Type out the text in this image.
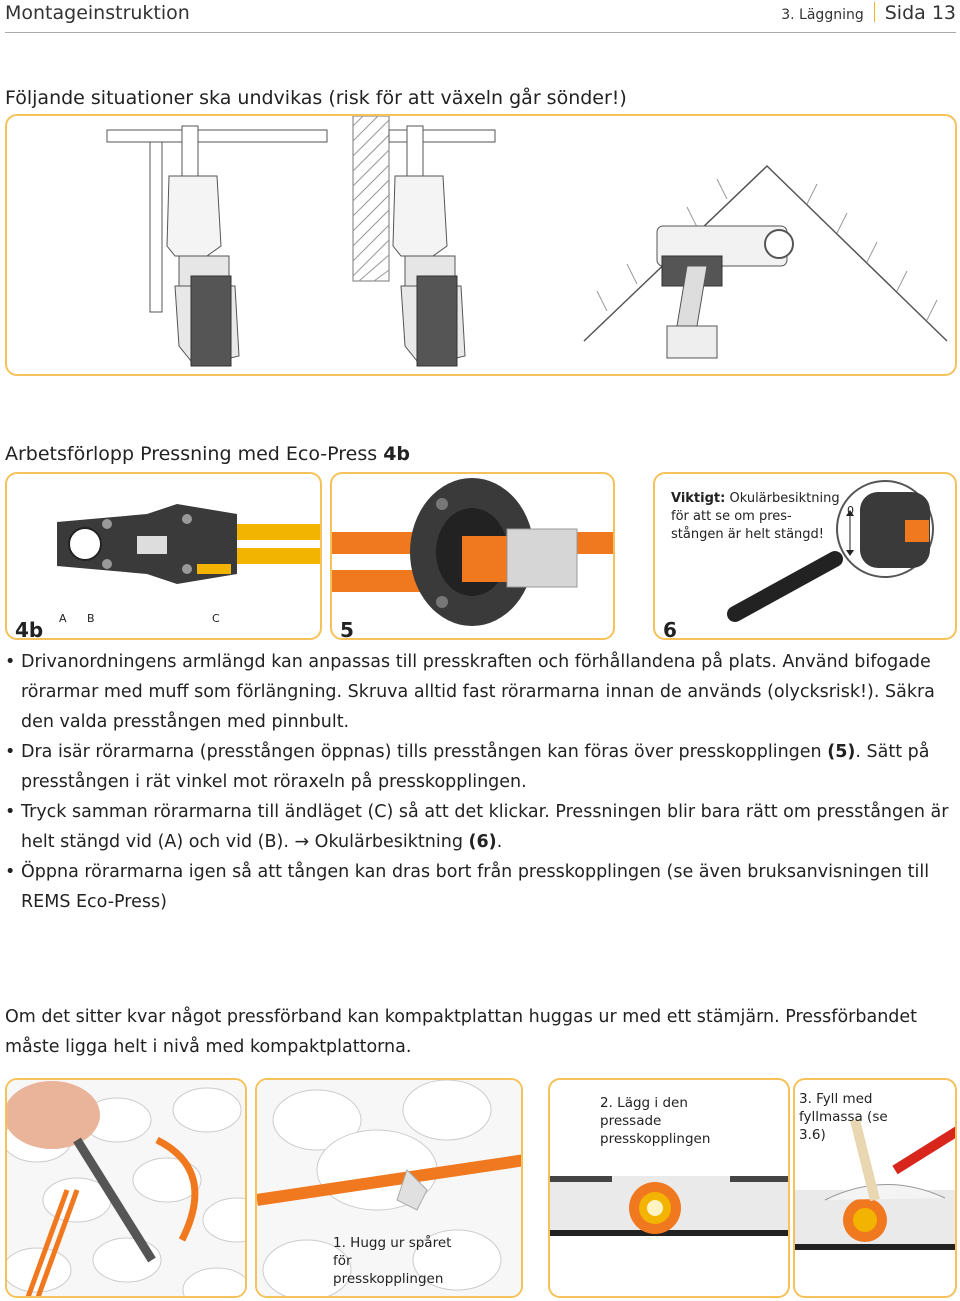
Montageinstruktion	3. Läggning Sida 13
Följande situationer ska undvikas (risk för att växeln går sönder!)
Arbetsförlopp Pressning med Eco-Press 4b
4b A B	C	5
Viktigt: Okulärbesiktning för att se om pres-stången är helt stängd!
0
6
• Drivanordningens armlängd kan anpassas till presskraften och förhållandena på plats. Använd bifogade rörarmar med muff som förlängning. Skruva alltid fast rörarmarna innan de används (olycksrisk!). Säkra den valda presstången med pinnbult.
• Dra isär rörarmarna (presstången öppnas) tills presstången kan föras över presskopplingen (5). Sätt på presstången i rät vinkel mot röraxeln på presskopplingen.
• Tryck samman rörarmarna till ändläget (C) så att det klickar. Pressningen blir bara rätt om presstången är helt stängd vid (A) och vid (B). → Okulärbesiktning (6).
• Öppna rörarmarna igen så att tången kan dras bort från presskopplingen (se även bruksanvisningen till REMS Eco-Press)
Om det sitter kvar något pressförband kan kompaktplattan huggas ur med ett stämjärn. Pressförbandet måste ligga helt i nivå med kompaktplattorna.
1. Hugg ur spåret för presskopplingen
2. Lägg i den pressade presskopplingen
3. Fyll med fyllmassa (se 3.6)
